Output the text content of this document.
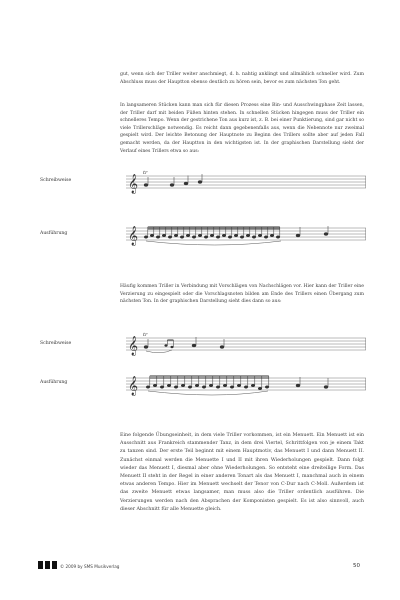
gut, wenn sich der Triller weiter anschmiegt, d. h. nahtig anklingt und allmählich schneller wird. Zum Abschluss muss der Hauptton ebenso deutlich zu hören sein, bevor es zum nächsten Ton geht.

In langsameren Stücken kann man sich für diesen Prozess eine Bin- und Ausschwingphase Zeit lassen, der Triller darf mit beiden Füßen hinten stehen. In schnellen Stücken hingegen muss der Triller ein schnelleres Tempo. Wenn der gestrichene Ton aus kurz ist, z. B. bei einer Punktierung, sind gar nicht so viele Trillerschläge notwendig. Es reicht dann gegebenenfalls aus, wenn die Nebennote nur zweimal gespielt wird. Der leichte Betonung der Hauptnote zu Beginn des Trillers sollte aber auf jeden Fall gemacht werden, da der Hauptton in den wichtigsten ist. In der graphischen Darstellung sieht der Verlauf eines Trillers etwa so aus:

Schreibweise	𝄞
tr
Ausführung	𝄞

Häufig kommen Triller in Verbindung mit Vorschlägen von Nachschlägen vor. Hier kann der Triller eine Verzierung zu eingespielt oder die Vorschlagsnoten bilden am Ende des Trillers einen Übergang zum nächsten Ton. In der graphischen Darstellung sieht dies dann so aus:

Schreibweise	𝄞
tr
Ausführung	𝄞

Eine folgende Übungseinheit, in dem viele Triller vorkommen, ist ein Menuett. Ein Menuett ist ein Ausschnitt aus Frankreich stammender Tanz, in dem drei Viertel, Schrittfolgen von je einem Takt zu tanzen sind. Der erste Teil beginnt mit einem Hauptmotiv, das Menuett I und dann Menuett II. Zunächst einmal werden die Menuette I und II mit ihren Wiederholungen gespielt. Dann folgt wieder das Menuett I, diesmal aber ohne Wiederholungen. So entsteht eine dreiteilige Form. Das Menuett II steht in der Regel in einer anderen Tonart als das Menuett I, manchmal auch in einem etwas anderen Tempo. Hier im Menuett wechselt der Tenor von C-Dur nach C-Moll. Außerdem ist das zweite Menuett etwas langsamer, man muss also die Triller ordentlich ausführen. Die Verzierungen werden nach den Absprachen der Komponisten gespielt. Es ist also sinnvoll, auch dieser Abschnitt für alle Menuette gleich.

© 2009 by SMS Musikverlag	50
